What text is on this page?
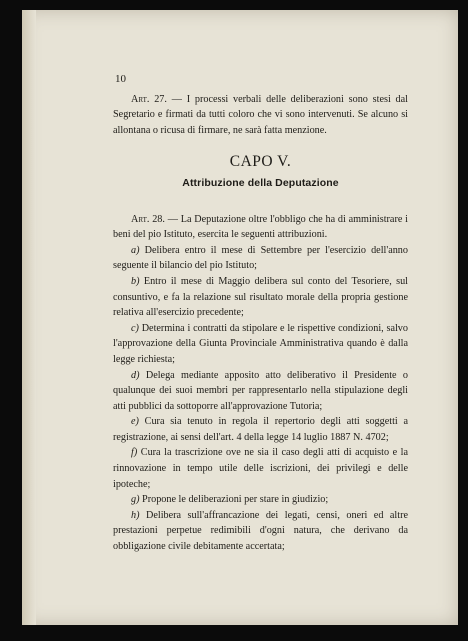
10

Art. 27. — I processi verbali delle deliberazioni sono stesi dal Segretario e firmati da tutti coloro che vi sono intervenuti. Se alcuno si allontana o ricusa di firmare, ne sarà fatta menzione.

CAPO V.
Attribuzione della Deputazione

Art. 28. — La Deputazione oltre l'obbligo che ha di amministrare i beni del pio Istituto, esercita le seguenti attribuzioni.

a) Delibera entro il mese di Settembre per l'esercizio dell'anno seguente il bilancio del pio Istituto;

b) Entro il mese di Maggio delibera sul conto del Tesoriere, sul consuntivo, e fa la relazione sul risultato morale della propria gestione relativa all'esercizio precedente;

c) Determina i contratti da stipolare e le rispettive condizioni, salvo l'approvazione della Giunta Provinciale Amministrativa quando è dalla legge richiesta;

d) Delega mediante apposito atto deliberativo il Presidente o qualunque dei suoi membri per rappresentarlo nella stipulazione degli atti pubblici da sottoporre all'approvazione Tutoria;

e) Cura sia tenuto in regola il repertorio degli atti soggetti a registrazione, ai sensi dell'art. 4 della legge 14 luglio 1887 N. 4702;

f) Cura la trascrizione ove ne sia il caso degli atti di acquisto e la rinnovazione in tempo utile delle iscrizioni, dei privilegi e delle ipoteche;

g) Propone le deliberazioni per stare in giudizio;

h) Delibera sull'affrancazione dei legati, censi, oneri ed altre prestazioni perpetue redimibili d'ogni natura, che derivano da obbligazione civile debitamente accertata;
